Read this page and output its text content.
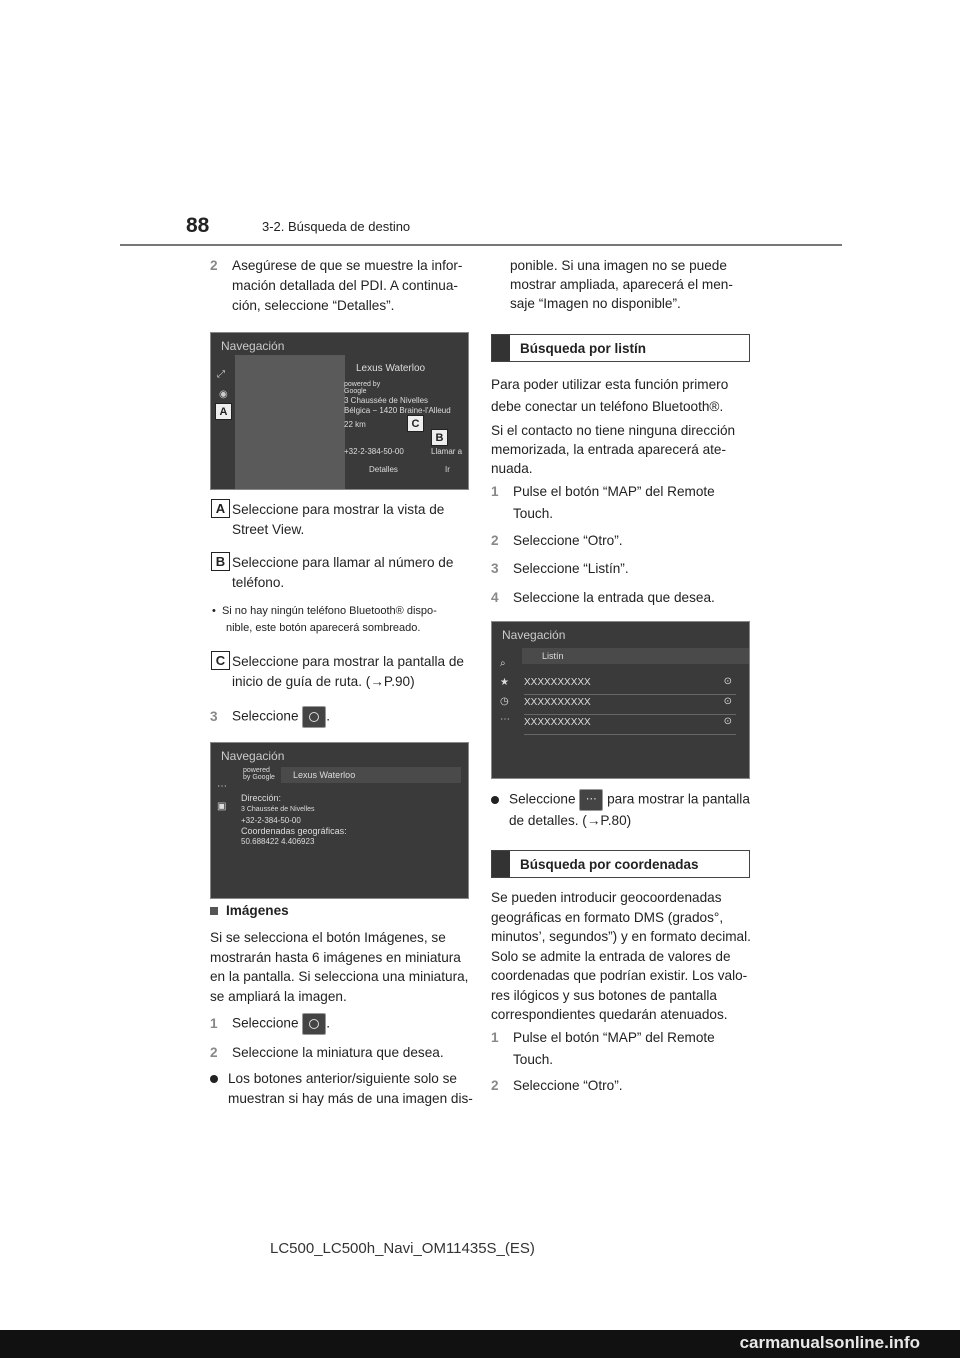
88	3-2. Búsqueda de destino
2 Asegúrese de que se muestre la infor-
mación detallada del PDI. A continua-
ción, seleccione “Detalles”.
Navegación
⤢
◉
A
Lexus Waterloo
powered by Google
3 Chaussée de Nivelles
Bélgica − 1420 Braine-l'Alleud
22 km	C
B
+32-2-384-50-00	Llamar a
Detalles	Ir
A Seleccione para mostrar la vista de
Street View.
B Seleccione para llamar al número de
teléfono.
•  Si no hay ningún teléfono Bluetooth® dispo-
nible, este botón aparecerá sombreado.
C Seleccione para mostrar la pantalla de
inicio de guía de ruta. (→P.90)
3 Seleccione .
Navegación
powered by Google	Lexus Waterloo
⋯
▣
Dirección:
3 Chaussée de Nivelles
+32-2-384-50-00
Coordenadas geográficas:
50.688422 4.406923
Imágenes
Si se selecciona el botón Imágenes, se
mostrarán hasta 6 imágenes en miniatura
en la pantalla. Si selecciona una miniatura,
se ampliará la imagen.
1 Seleccione .
2 Seleccione la miniatura que desea.
Los botones anterior/siguiente solo se
muestran si hay más de una imagen dis-
ponible. Si una imagen no se puede
mostrar ampliada, aparecerá el men-
saje “Imagen no disponible”.
Búsqueda por listín
Para poder utilizar esta función primero
debe conectar un teléfono Bluetooth®.
Si el contacto no tiene ninguna dirección
memorizada, la entrada aparecerá ate-
nuada.
1 Pulse el botón “MAP” del Remote
Touch.
2 Seleccione “Otro”.
3 Seleccione “Listín”.
4 Seleccione la entrada que desea.
Navegación
Listín
⌕
★
◷
⋯
XXXXXXXXXX	⊙
XXXXXXXXXX	⊙
XXXXXXXXXX	⊙
Seleccione ⋯ para mostrar la pantalla
de detalles. (→P.80)
Búsqueda por coordenadas
Se pueden introducir geocoordenadas
geográficas en formato DMS (grados°,
minutos’, segundos”) y en formato decimal.
Solo se admite la entrada de valores de
coordenadas que podrían existir. Los valo-
res ilógicos y sus botones de pantalla
correspondientes quedarán atenuados.
1 Pulse el botón “MAP” del Remote
Touch.
2 Seleccione “Otro”.
LC500_LC500h_Navi_OM11435S_(ES)
carmanualsonline.info
